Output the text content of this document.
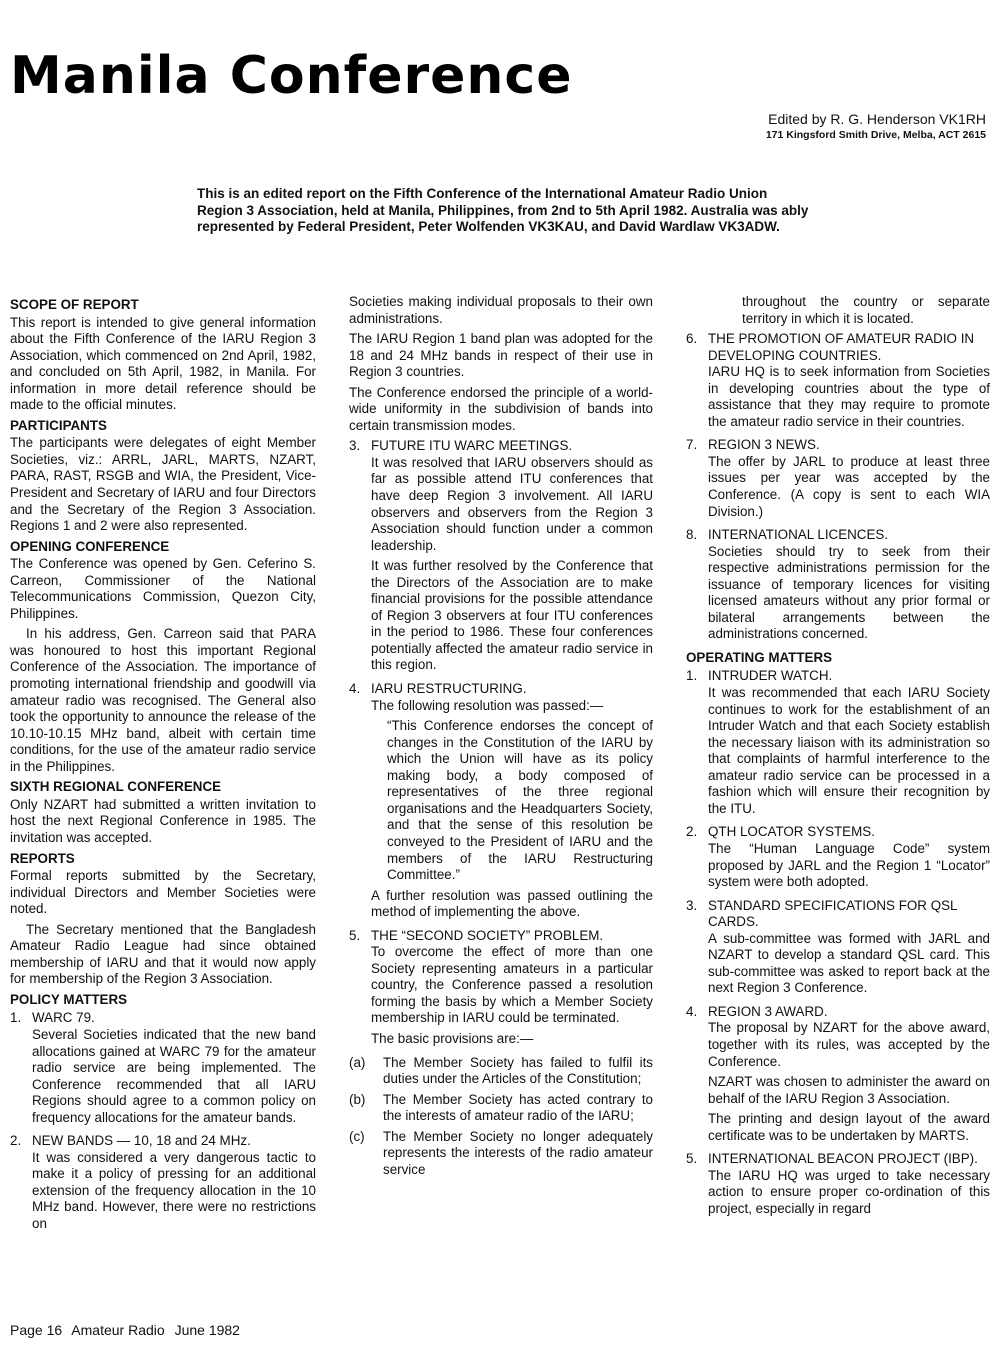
Manila Conference
Edited by R. G. Henderson VK1RH
171 Kingsford Smith Drive, Melba, ACT 2615

This is an edited report on the Fifth Conference of the International Amateur Radio Union Region 3 Association, held at Manila, Philippines, from 2nd to 5th April 1982. Australia was ably represented by Federal President, Peter Wolfenden VK3KAU, and David Wardlaw VK3ADW.

SCOPE OF REPORT

This report is intended to give general information about the Fifth Conference of the IARU Region 3 Association, which commenced on 2nd April, 1982, and concluded on 5th April, 1982, in Manila. For information in more detail reference should be made to the official minutes.

PARTICIPANTS

The participants were delegates of eight Member Societies, viz.: ARRL, JARL, MARTS, NZART, PARA, RAST, RSGB and WIA, the President, Vice-President and Secretary of IARU and four Directors and the Secretary of the Region 3 Association. Regions 1 and 2 were also represented.

OPENING CONFERENCE

The Conference was opened by Gen. Ceferino S. Carreon, Commissioner of the National Telecommunications Commission, Quezon City, Philippines.

In his address, Gen. Carreon said that PARA was honoured to host this important Regional Conference of the Association. The importance of promoting international friendship and goodwill via amateur radio was recognised. The General also took the opportunity to announce the release of the 10.10-10.15 MHz band, albeit with certain time conditions, for the use of the amateur radio service in the Philippines.

SIXTH REGIONAL CONFERENCE

Only NZART had submitted a written invitation to host the next Regional Conference in 1985. The invitation was accepted.

REPORTS

Formal reports submitted by the Secretary, individual Directors and Member Societies were noted.

The Secretary mentioned that the Bangladesh Amateur Radio League had since obtained membership of IARU and that it would now apply for membership of the Region 3 Association.

POLICY MATTERS
1. WARC 79.

Several Societies indicated that the new band allocations gained at WARC 79 for the amateur radio service are being implemented. The Conference recommended that all IARU Regions should agree to a common policy on frequency allocations for the amateur bands.

2. NEW BANDS — 10, 18 and 24 MHz.

It was considered a very dangerous tactic to make it a policy of pressing for an additional extension of the frequency allocation in the 10 MHz band. However, there were no restrictions on

Societies making individual proposals to their own administrations.

The IARU Region 1 band plan was adopted for the 18 and 24 MHz bands in respect of their use in Region 3 countries.

The Conference endorsed the principle of a world-wide uniformity in the subdivision of bands into certain transmission modes.

3. FUTURE ITU WARC MEETINGS.

It was resolved that IARU observers should as far as possible attend ITU conferences that have deep Region 3 involvement. All IARU observers and observers from the Region 3 Association should function under a common leadership.

It was further resolved by the Conference that the Directors of the Association are to make financial provisions for the possible attendance of Region 3 observers at four ITU conferences in the period to 1986. These four conferences potentially affected the amateur radio service in this region.

4. IARU RESTRUCTURING.

The following resolution was passed:—

“This Conference endorses the concept of changes in the Constitution of the IARU by which the Union will have as its policy making body, a body composed of representatives of the three regional organisations and the Headquarters Society, and that the sense of this resolution be conveyed to the President of IARU and the members of the IARU Restructuring Committee.”

A further resolution was passed outlining the method of implementing the above.

5. THE “SECOND SOCIETY” PROBLEM.

To overcome the effect of more than one Society representing amateurs in a particular country, the Conference passed a resolution forming the basis by which a Member Society membership in IARU could be terminated.

The basic provisions are:—

(a)	The Member Society has failed to fulfil its duties under the Articles of the Constitution;
(b)	The Member Society has acted contrary to the interests of amateur radio of the IARU;
(c)	The Member Society no longer adequately represents the interests of the radio amateur service

throughout the country or separate territory in which it is located.

6. THE PROMOTION OF AMATEUR RADIO IN DEVELOPING COUNTRIES.

IARU HQ is to seek information from Societies in developing countries about the type of assistance that they may require to promote the amateur radio service in their countries.

7. REGION 3 NEWS.

The offer by JARL to produce at least three issues per year was accepted by the Conference. (A copy is sent to each WIA Division.)

8. INTERNATIONAL LICENCES.

Societies should try to seek from their respective administrations permission for the issuance of temporary licences for visiting licensed amateurs without any prior formal or bilateral arrangements between the administrations concerned.

OPERATING MATTERS
1. INTRUDER WATCH.

It was recommended that each IARU Society continues to work for the establishment of an Intruder Watch and that each Society establish the necessary liaison with its administration so that complaints of harmful interference to the amateur radio service can be processed in a fashion which will ensure their recognition by the ITU.

2. QTH LOCATOR SYSTEMS.

The “Human Language Code” system proposed by JARL and the Region 1 “Locator” system were both adopted.

3. STANDARD SPECIFICATIONS FOR QSL CARDS.

A sub-committee was formed with JARL and NZART to develop a standard QSL card. This sub-committee was asked to report back at the next Region 3 Conference.

4. REGION 3 AWARD.

The proposal by NZART for the above award, together with its rules, was accepted by the Conference.

NZART was chosen to administer the award on behalf of the IARU Region 3 Association.

The printing and design layout of the award certificate was to be undertaken by MARTS.

5. INTERNATIONAL BEACON PROJECT (IBP).

The IARU HQ was urged to take necessary action to ensure proper co-ordination of this project, especially in regard

Page 16 Amateur Radio June 1982
